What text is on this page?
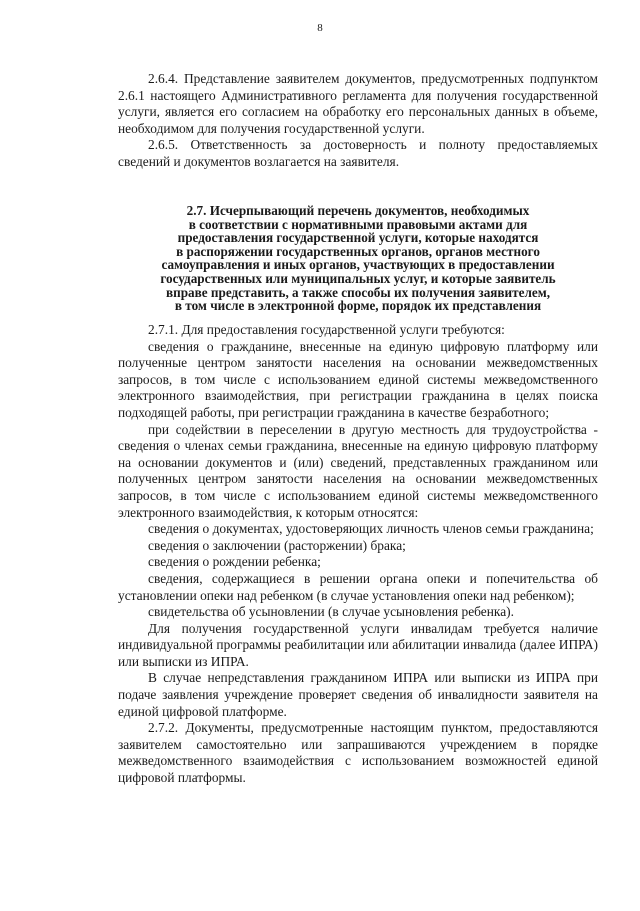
8

2.6.4. Представление заявителем документов, предусмотренных подпунктом 2.6.1 настоящего Административного регламента для получения государственной услуги, является его согласием на обработку его персональных данных в объеме, необходимом для получения государственной услуги.

2.6.5. Ответственность за достоверность и полноту предоставляемых сведений и документов возлагается на заявителя.

2.7. Исчерпывающий перечень документов, необходимых
в соответствии с нормативными правовыми актами для
предоставления государственной услуги, которые находятся
в распоряжении государственных органов, органов местного
самоуправления и иных органов, участвующих в предоставлении
государственных или муниципальных услуг, и которые заявитель
вправе представить, а также способы их получения заявителем,
в том числе в электронной форме, порядок их представления

2.7.1. Для предоставления государственной услуги требуются:

сведения о гражданине, внесенные на единую цифровую платформу или полученные центром занятости населения на основании межведомственных запросов, в том числе с использованием единой системы межведомственного электронного взаимодействия, при регистрации гражданина в целях поиска подходящей работы, при регистрации гражданина в качестве безработного;

при содействии в переселении в другую местность для трудоустройства - сведения о членах семьи гражданина, внесенные на единую цифровую платформу на основании документов и (или) сведений, представленных гражданином или полученных центром занятости населения на основании межведомственных запросов, в том числе с использованием единой системы межведомственного электронного взаимодействия, к которым относятся:

сведения о документах, удостоверяющих личность членов семьи гражданина;

сведения о заключении (расторжении) брака;

сведения о рождении ребенка;

сведения, содержащиеся в решении органа опеки и попечительства об установлении опеки над ребенком (в случае установления опеки над ребенком);

свидетельства об усыновлении (в случае усыновления ребенка).

Для получения государственной услуги инвалидам требуется наличие индивидуальной программы реабилитации или абилитации инвалида (далее ИПРА) или выписки из ИПРА.

В случае непредставления гражданином ИПРА или выписки из ИПРА при подаче заявления учреждение проверяет сведения об инвалидности заявителя на единой цифровой платформе.

2.7.2. Документы, предусмотренные настоящим пунктом, предоставляются заявителем самостоятельно или запрашиваются учреждением в порядке межведомственного взаимодействия с использованием возможностей единой цифровой платформы.
